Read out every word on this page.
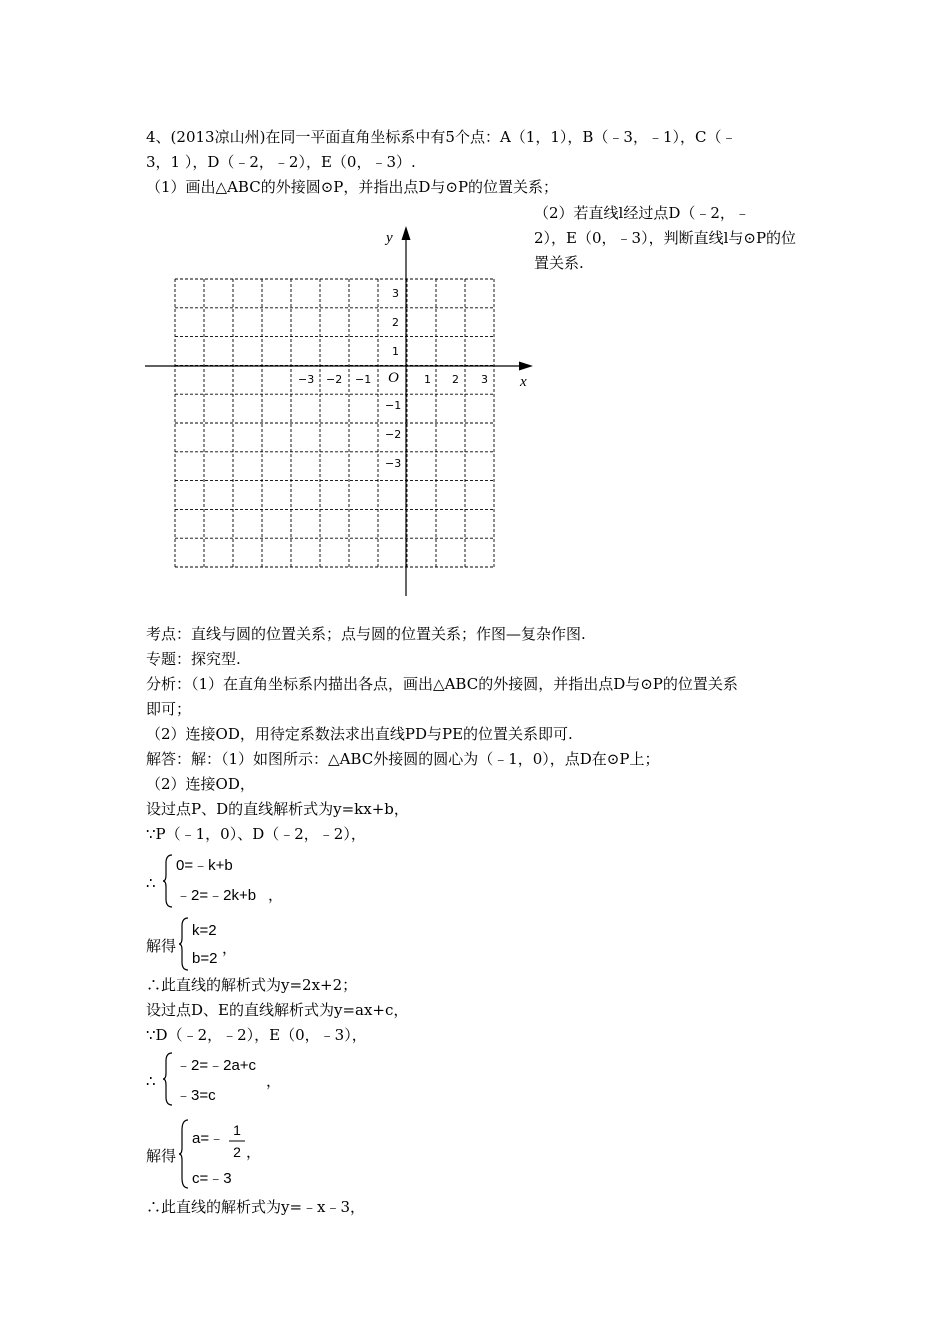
4、(2013凉山州)在同一平面直角坐标系中有5个点：A（1，1），B（﹣3，﹣1），C（﹣
3，1 ），D（﹣2，﹣2），E（0，﹣3）.
（1）画出△ABC的外接圆⊙P，并指出点D与⊙P的位置关系；
（2）若直线l经过点D（﹣2，﹣
2），E（0，﹣3），判断直线l与⊙P的位
置关系.
x
y
O
−3 −2 −1	1 2 3
3
2
1
−1
−2
−3
考点：直线与圆的位置关系；点与圆的位置关系；作图—复杂作图.
专题：探究型.
分析：（1）在直角坐标系内描出各点，画出△ABC的外接圆，并指出点D与⊙P的位置关系
即可；
（2）连接OD，用待定系数法求出直线PD与PE的位置关系即可.
解答：解：（1）如图所示：△ABC外接圆的圆心为（﹣1，0），点D在⊙P上；
（2）连接OD，
设过点P、D的直线解析式为y=kx+b，
∵P（﹣1，0）、D（﹣2，﹣2），
∴
0=﹣k+b
﹣2=﹣2k+b ，
解得
k=2
b=2
，
∴此直线的解析式为y=2x+2；
设过点D、E的直线解析式为y=ax+c，
∵D（﹣2，﹣2），E（0，﹣3），
∴
﹣2=﹣2a+c
﹣3=c
，
解得
a=﹣ 1
2 ，
c=﹣3
∴此直线的解析式为y=﹣x﹣3，
